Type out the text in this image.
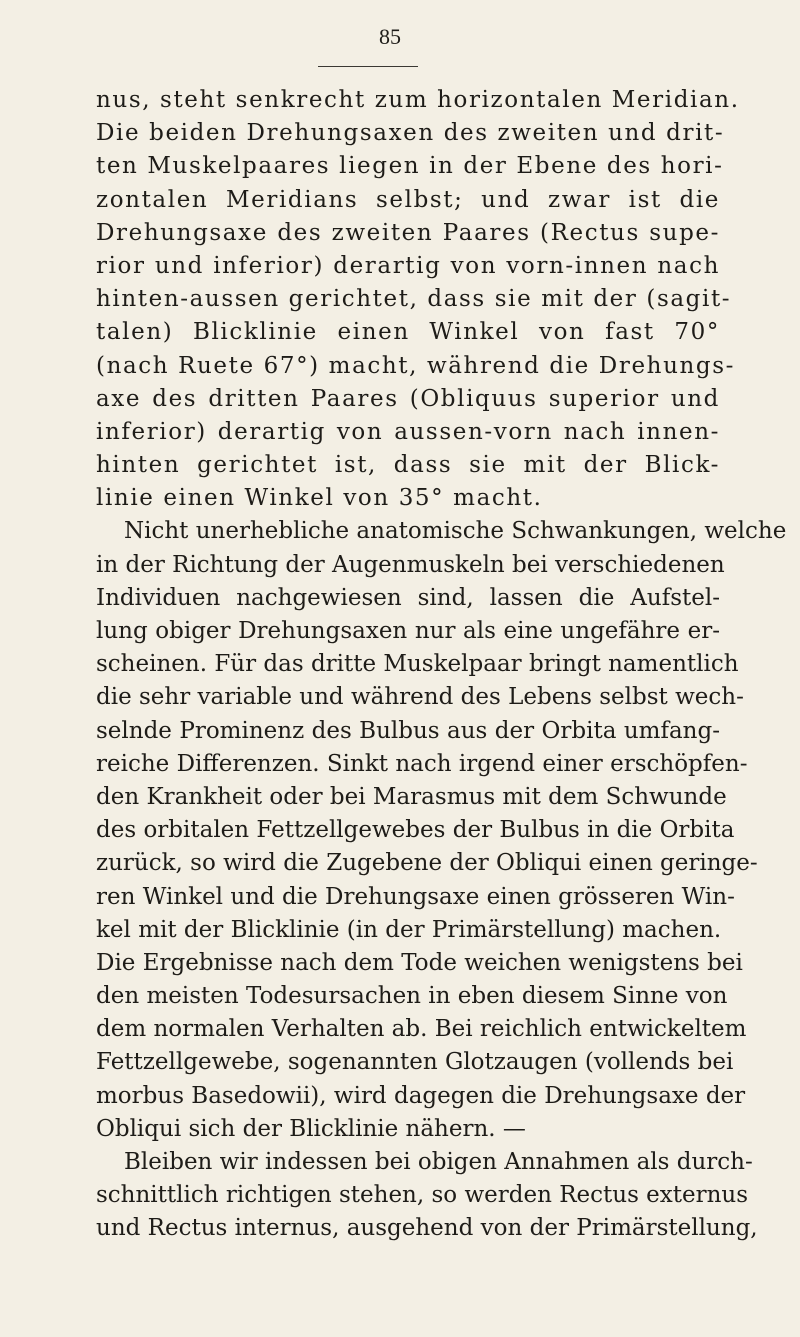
85
nus, steht senkrecht zum horizontalen Meridian.
Die beiden Drehungsaxen des zweiten und drit-
ten Muskelpaares liegen in der Ebene des hori-
zontalen Meridians selbst; und zwar ist die
Drehungsaxe des zweiten Paares (Rectus supe-
rior und inferior) derartig von vorn-innen nach
hinten-aussen gerichtet, dass sie mit der (sagit-
talen) Blicklinie einen Winkel von fast 70°
(nach Ruete 67°) macht, während die Drehungs-
axe des dritten Paares (Obliquus superior und
inferior) derartig von aussen-vorn nach innen-
hinten gerichtet ist, dass sie mit der Blick-
linie einen Winkel von 35° macht.
Nicht unerhebliche anatomische Schwankungen, welche
in der Richtung der Augenmuskeln bei verschiedenen
Individuen nachgewiesen sind, lassen die Aufstel-
lung obiger Drehungsaxen nur als eine ungefähre er-
scheinen. Für das dritte Muskelpaar bringt namentlich
die sehr variable und während des Lebens selbst wech-
selnde Prominenz des Bulbus aus der Orbita umfang-
reiche Differenzen. Sinkt nach irgend einer erschöpfen-
den Krankheit oder bei Marasmus mit dem Schwunde
des orbitalen Fettzellgewebes der Bulbus in die Orbita
zurück, so wird die Zugebene der Obliqui einen geringe-
ren Winkel und die Drehungsaxe einen grösseren Win-
kel mit der Blicklinie (in der Primärstellung) machen.
Die Ergebnisse nach dem Tode weichen wenigstens bei
den meisten Todesursachen in eben diesem Sinne von
dem normalen Verhalten ab. Bei reichlich entwickeltem
Fettzellgewebe, sogenannten Glotzaugen (vollends bei
morbus Basedowii), wird dagegen die Drehungsaxe der
Obliqui sich der Blicklinie nähern. —
Bleiben wir indessen bei obigen Annahmen als durch-
schnittlich richtigen stehen, so werden Rectus externus
und Rectus internus, ausgehend von der Primärstellung,
